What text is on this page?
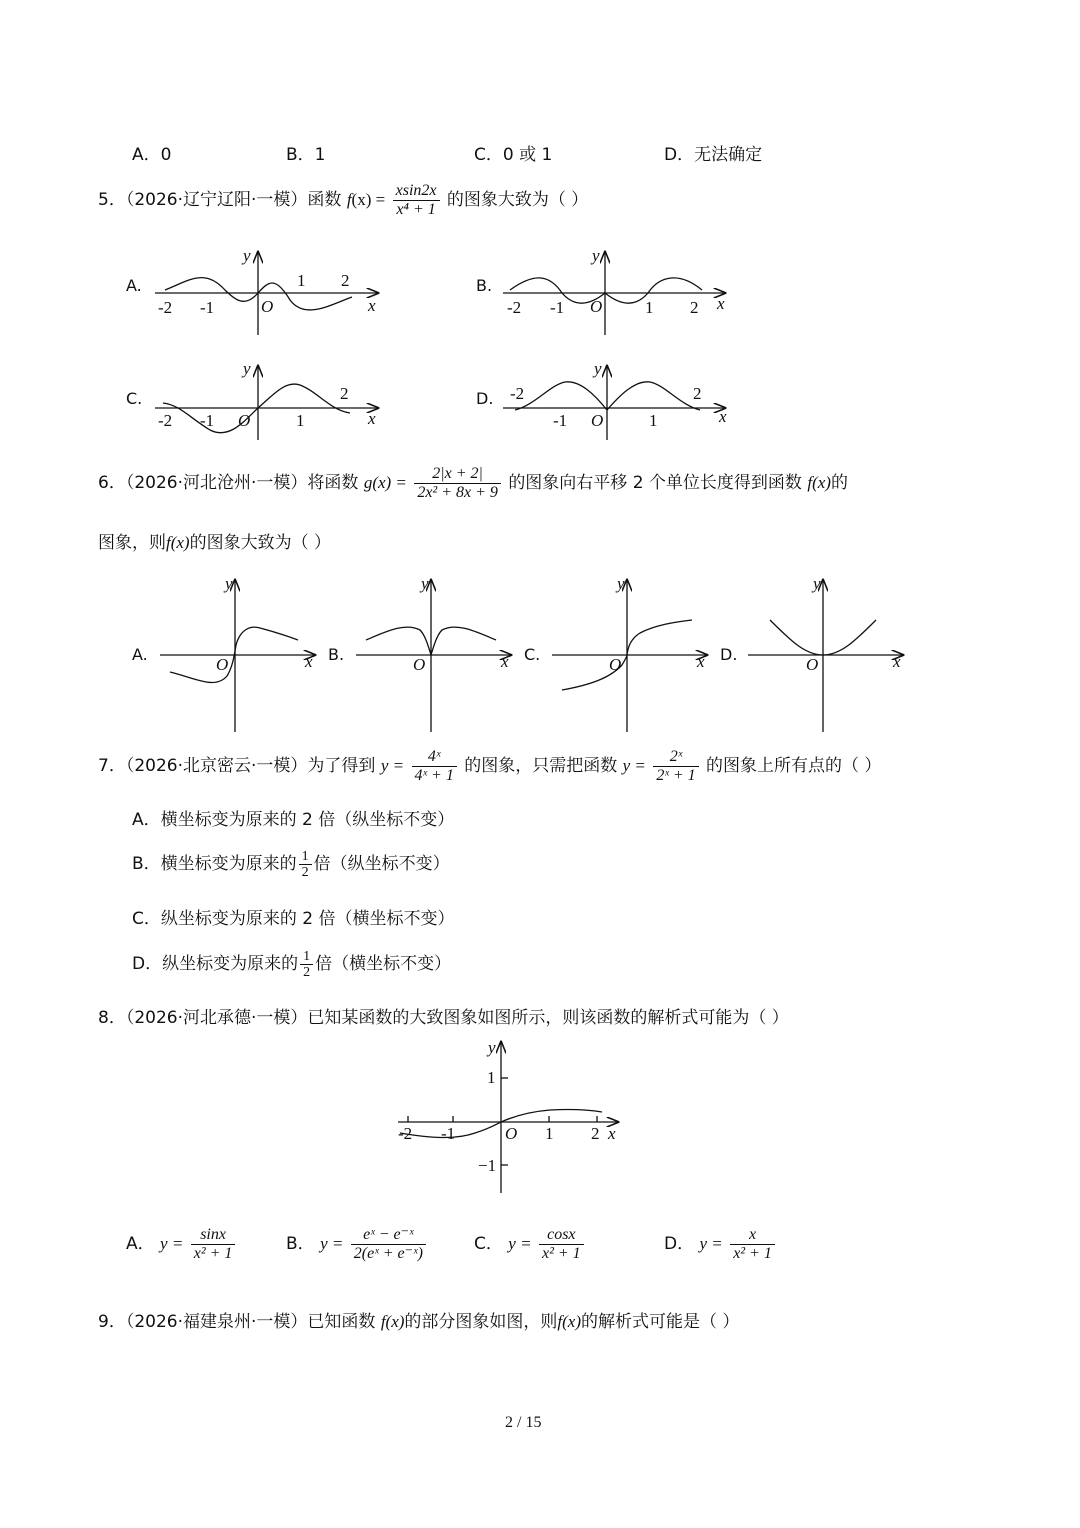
A．0	B．1	C．0 或 1	D．无法确定
5．（2026·辽宁辽阳·一模）函数 $f(x) = \frac{xsin2x}{\text{x⁴ + 1}}$ 的图象大致为（ ）
A.	B.
C.	D.
y
-2 -1	O
1 2
x
y
-2 -1 O	1 2 x
y
-2 -1 O	1
2
x
y
-2
-1 O	1
2
x
6．（2026·河北沧州·一模）将函数 $g(x) = \frac{2|x + 2|}{\text{2x² + 8x + 9}}$ 的图象向右平移 2 个单位长度得到函数 f(x)的
图象，则f(x)的图象大致为（ ）
A.	B.	C.	D.
y
O	x
y
O	x
y
O	x
y
O	x
7．（2026·北京密云·一模）为了得到 $y = \frac{\text{4ˣ}}{\text{4ˣ + 1}}$ 的图象，只需把函数 $y = \frac{\text{2ˣ}}{\text{2ˣ + 1}}$ 的图象上所有点的（ ）
A．横坐标变为原来的 2 倍（纵坐标不变）
B．横坐标变为原来的 $\frac{1}{2}$ 倍（纵坐标不变）
C．纵坐标变为原来的 2 倍（横坐标不变）
D．纵坐标变为原来的 $\frac{1}{2}$ 倍（横坐标不变）
8．（2026·河北承德·一模）已知某函数的大致图象如图所示，则该函数的解析式可能为（ ）
y
1
−1
-2 -1	O 1 2 x
A． $y = \frac{\sin x}{\text{x² + 1}}$	B． $y = \frac{\text{eˣ − e⁻ˣ}}{\text{2(eˣ + e⁻ˣ)}}$	C． $y = \frac{\cos x}{\text{x² + 1}}$	D． $y = \frac{x}{\text{x² + 1}}$
9．（2026·福建泉州·一模）已知函数 f(x)的部分图象如图，则f(x)的解析式可能是（ ）
2 / 15
